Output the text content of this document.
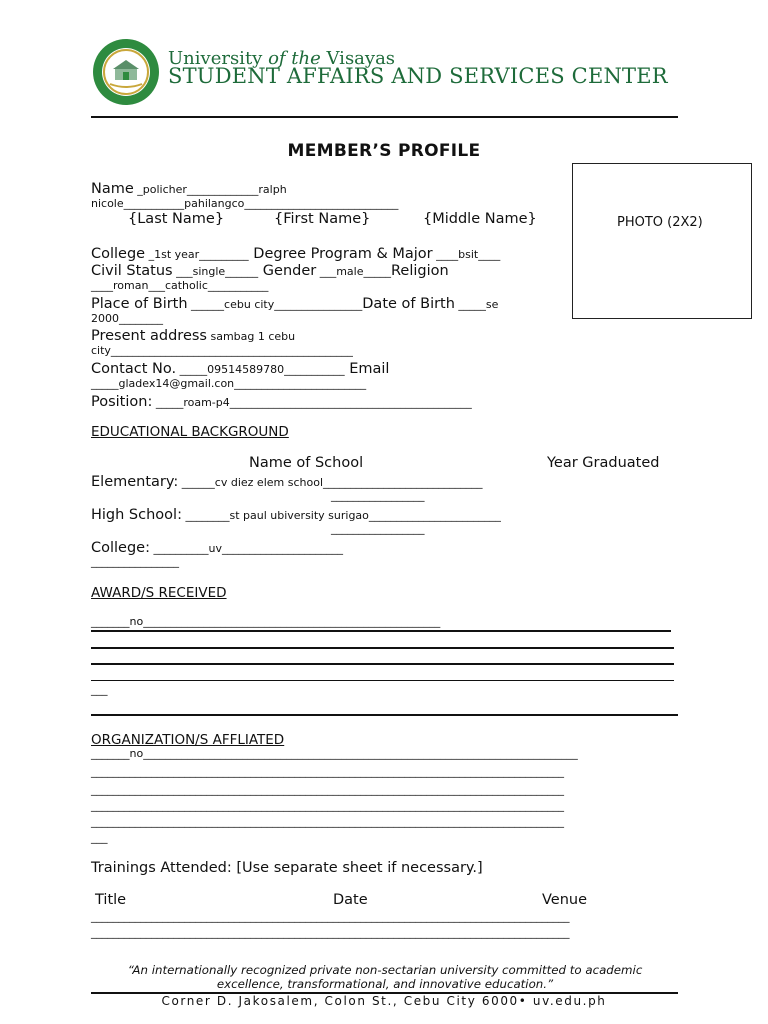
University of the Visayas
STUDENT AFFAIRS AND SERVICES CENTER
MEMBER’S PROFILE
PHOTO (2X2)
Name _policher_____________ralph
nicole___________pahilangco____________________________
{Last Name}	{First Name}	{Middle Name}
College _1st year_________ Degree Program & Major ____bsit____
Civil Status ___single______ Gender ___male_____Religion
____roman___catholic___________
Place of Birth ______cebu city________________Date of Birth _____se
2000________
Present address sambag 1 cebu
city____________________________________________
Contact No. _____09514589780___________ Email
_____gladex14@gmail.con________________________
Position: _____roam-p4____________________________________________
EDUCATIONAL BACKGROUND
Name of School	Year Graduated
Elementary: ______cv diez elem school_____________________________
_________________
High School: ________st paul ubiversity surigao________________________
_________________
College: __________uv______________________
________________
AWARD/S RECEIVED
_______no______________________________________________________
___
ORGANIZATION/S AFFLIATED
_______no_______________________________________________________________________________
______________________________________________________________________________________
______________________________________________________________________________________
______________________________________________________________________________________
______________________________________________________________________________________
___
Trainings Attended: [Use separate sheet if necessary.]
Title	Date	Venue
_______________________________________________________________________________________
_______________________________________________________________________________________
“An internationally recognized private non-sectarian university committed to academic excellence, transformational, and innovative education.”
Corner D. Jakosalem, Colon St., Cebu City 6000• uv.edu.ph
